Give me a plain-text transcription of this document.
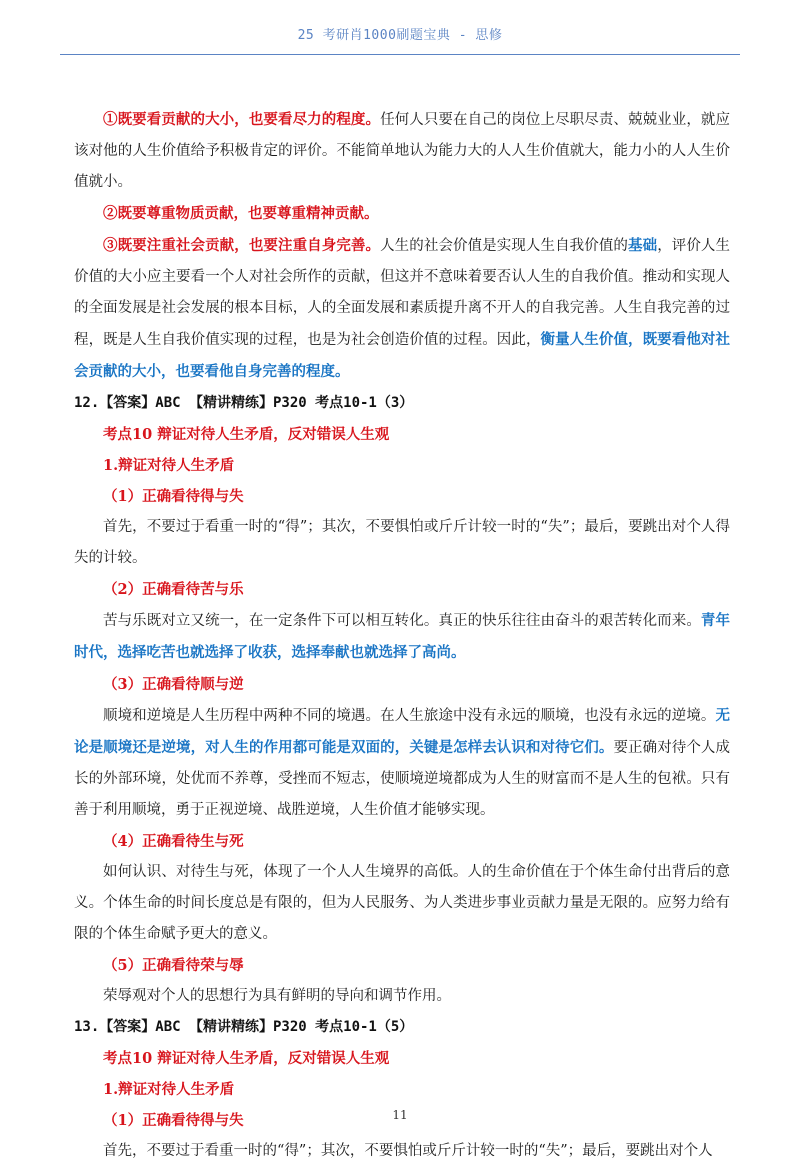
25 考研肖1000刷题宝典 - 思修

①既要看贡献的大小，也要看尽力的程度。任何人只要在自己的岗位上尽职尽责、兢兢业业，就应该对他的人生价值给予积极肯定的评价。不能简单地认为能力大的人人生价值就大，能力小的人人生价值就小。

②既要尊重物质贡献，也要尊重精神贡献。

③既要注重社会贡献，也要注重自身完善。人生的社会价值是实现人生自我价值的基础，评价人生价值的大小应主要看一个人对社会所作的贡献，但这并不意味着要否认人生的自我价值。推动和实现人的全面发展是社会发展的根本目标，人的全面发展和素质提升离不开人的自我完善。人生自我完善的过程，既是人生自我价值实现的过程，也是为社会创造价值的过程。因此，衡量人生价值，既要看他对社会贡献的大小，也要看他自身完善的程度。

12.【答案】ABC 【精讲精练】P320 考点10-1（3）

考点10 辩证对待人生矛盾，反对错误人生观

1.辩证对待人生矛盾

（1）正确看待得与失

首先，不要过于看重一时的“得”；其次，不要惧怕或斤斤计较一时的“失”；最后，要跳出对个人得失的计较。

（2）正确看待苦与乐

苦与乐既对立又统一，在一定条件下可以相互转化。真正的快乐往往由奋斗的艰苦转化而来。青年时代，选择吃苦也就选择了收获，选择奉献也就选择了高尚。

（3）正确看待顺与逆

顺境和逆境是人生历程中两种不同的境遇。在人生旅途中没有永远的顺境，也没有永远的逆境。无论是顺境还是逆境，对人生的作用都可能是双面的，关键是怎样去认识和对待它们。要正确对待个人成长的外部环境，处优而不养尊，受挫而不短志，使顺境逆境都成为人生的财富而不是人生的包袱。只有善于利用顺境，勇于正视逆境、战胜逆境，人生价值才能够实现。

（4）正确看待生与死

如何认识、对待生与死，体现了一个人人生境界的高低。人的生命价值在于个体生命付出背后的意义。个体生命的时间长度总是有限的，但为人民服务、为人类进步事业贡献力量是无限的。应努力给有限的个体生命赋予更大的意义。

（5）正确看待荣与辱

荣辱观对个人的思想行为具有鲜明的导向和调节作用。

13.【答案】ABC 【精讲精练】P320 考点10-1（5）

考点10 辩证对待人生矛盾，反对错误人生观

1.辩证对待人生矛盾

（1）正确看待得与失

首先，不要过于看重一时的“得”；其次，不要惧怕或斤斤计较一时的“失”；最后，要跳出对个人

11
